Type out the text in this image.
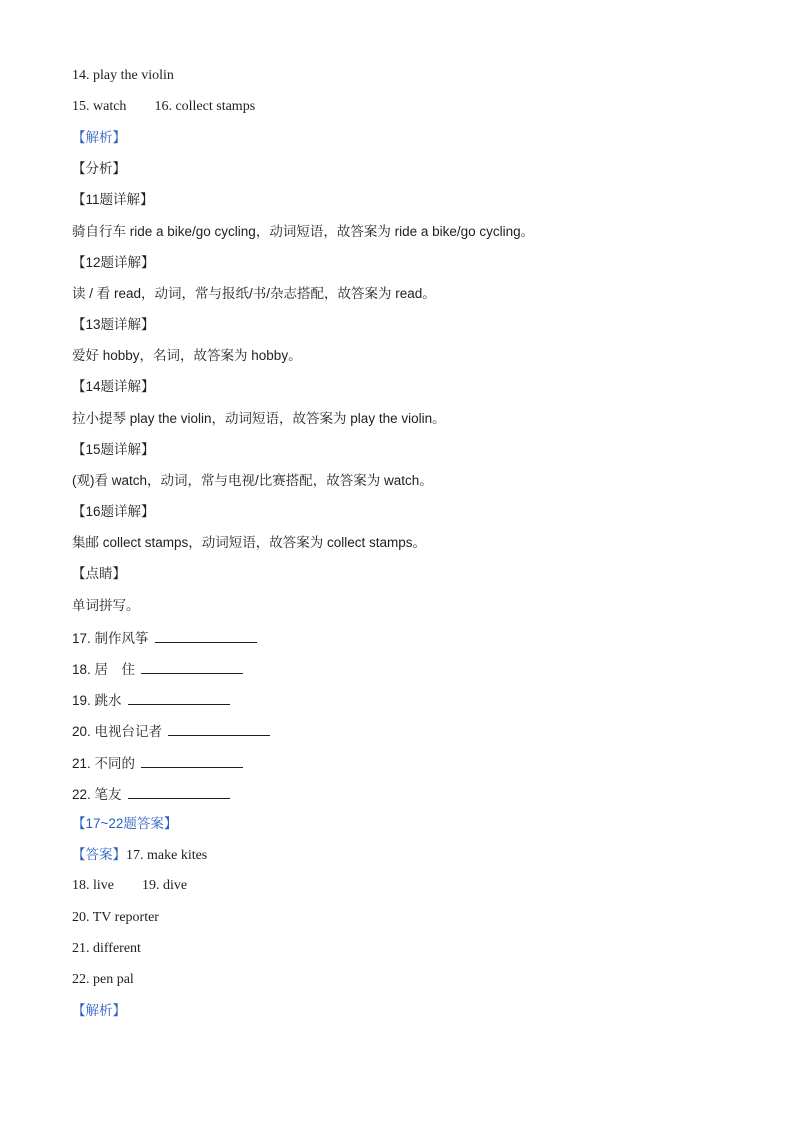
14. play the violin
15. watch 16. collect stamps
【解析】
【分析】
【11题详解】
骑自行车 ride a bike/go cycling，动词短语，故答案为 ride a bike/go cycling。
【12题详解】
读 / 看 read，动词，常与报纸/书/杂志搭配，故答案为 read。
【13题详解】
爱好 hobby，名词，故答案为 hobby。
【14题详解】
拉小提琴 play the violin，动词短语，故答案为 play the violin。
【15题详解】
(观)看 watch，动词，常与电视/比赛搭配，故答案为 watch。
【16题详解】
集邮 collect stamps，动词短语，故答案为 collect stamps。
【点睛】
单词拼写。
17. 制作风筝
18. 居　住
19. 跳水
20. 电视台记者
21. 不同的
22. 笔友
【17~22题答案】
【答案】17. make kites
18. live 19. dive
20. TV reporter
21. different
22. pen pal
【解析】
